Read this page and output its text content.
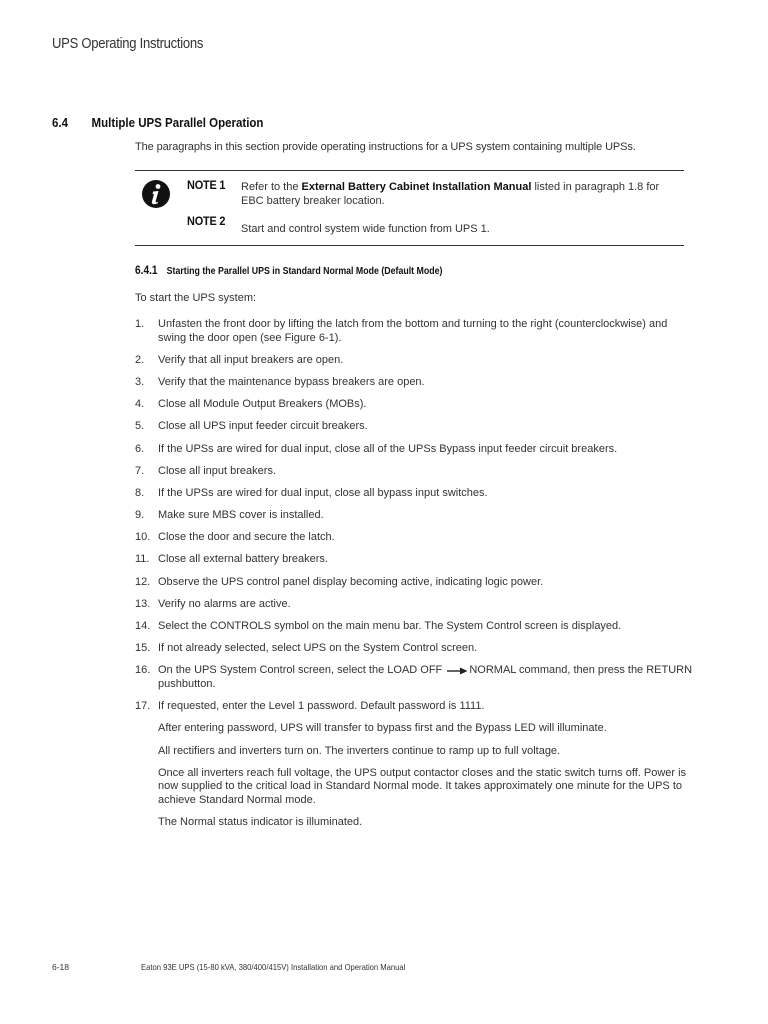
UPS Operating Instructions
6.4 Multiple UPS Parallel Operation
The paragraphs in this section provide operating instructions for a UPS system containing multiple UPSs.
NOTE 1 Refer to the External Battery Cabinet Installation Manual listed in paragraph 1.8 for EBC battery breaker location.
NOTE 2
Start and control system wide function from UPS 1.
6.4.1 Starting the Parallel UPS in Standard Normal Mode (Default Mode)
To start the UPS system:
1. Unfasten the front door by lifting the latch from the bottom and turning to the right (counterclockwise) and swing the door open (see Figure 6-1).
2. Verify that all input breakers are open.
3. Verify that the maintenance bypass breakers are open.
4. Close all Module Output Breakers (MOBs).
5. Close all UPS input feeder circuit breakers.
6. If the UPSs are wired for dual input, close all of the UPSs Bypass input feeder circuit breakers.
7. Close all input breakers.
8. If the UPSs are wired for dual input, close all bypass input switches.
9. Make sure MBS cover is installed.
10. Close the door and secure the latch.
11. Close all external battery breakers.
12. Observe the UPS control panel display becoming active, indicating logic power.
13. Verify no alarms are active.
14. Select the CONTROLS symbol on the main menu bar. The System Control screen is displayed.
15. If not already selected, select UPS on the System Control screen.
16. On the UPS System Control screen, select the LOAD OFF NORMAL command, then press the RETURN pushbutton.
17. If requested, enter the Level 1 password. Default password is 1111.
After entering password, UPS will transfer to bypass first and the Bypass LED will illuminate.
All rectifiers and inverters turn on. The inverters continue to ramp up to full voltage.
Once all inverters reach full voltage, the UPS output contactor closes and the static switch turns off. Power is now supplied to the critical load in Standard Normal mode. It takes approximately one minute for the UPS to achieve Standard Normal mode.
The Normal status indicator is illuminated.
6-18	Eaton 93E UPS (15-80 kVA, 380/400/415V) Installation and Operation Manual
